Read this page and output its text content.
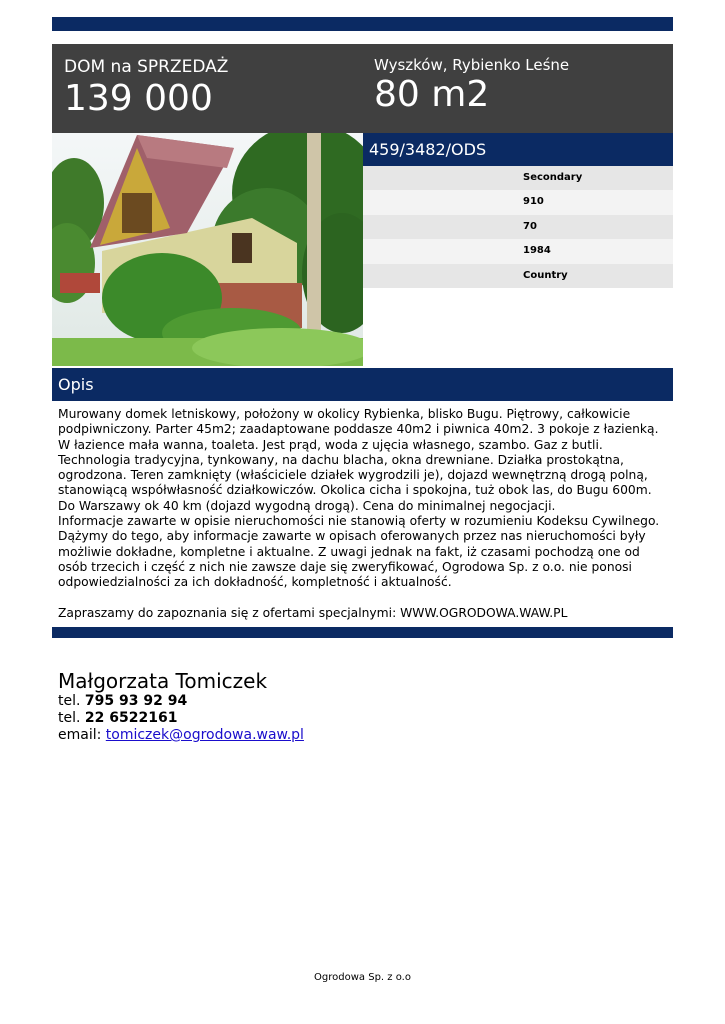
DOM na SPRZEDAŻ
139 000
Wyszków, Rybienko Leśne
80 m2
459/3482/ODS
Secondary
910
70
1984
Country
Opis

Murowany domek letniskowy, położony w okolicy Rybienka, blisko Bugu. Piętrowy, całkowicie

podpiwniczony. Parter 45m2; zaadaptowane poddasze 40m2 i piwnica 40m2. 3 pokoje z łazienką.

W łazience mała wanna, toaleta. Jest prąd, woda z ujęcia własnego, szambo. Gaz z butli.

Technologia tradycyjna, tynkowany, na dachu blacha, okna drewniane. Działka prostokątna,

ogrodzona. Teren zamknięty (właściciele działek wygrodzili je), dojazd wewnętrzną drogą polną,

stanowiącą współwłasność działkowiczów. Okolica cicha i spokojna, tuż obok las, do Bugu 600m.

Do Warszawy ok 40 km (dojazd wygodną drogą). Cena do minimalnej negocjacji.

Informacje zawarte w opisie nieruchomości nie stanowią oferty w rozumieniu Kodeksu Cywilnego.

Dążymy do tego, aby informacje zawarte w opisach oferowanych przez nas nieruchomości były

możliwie dokładne, kompletne i aktualne. Z uwagi jednak na fakt, iż czasami pochodzą one od

osób trzecich i część z nich nie zawsze daje się zweryfikować, Ogrodowa Sp. z o.o. nie ponosi

odpowiedzialności za ich dokładność, kompletność i aktualność.

Zapraszamy do zapoznania się z ofertami specjalnymi: WWW.OGRODOWA.WAW.PL

Małgorzata Tomiczek
tel. 795 93 92 94
tel. 22 6522161
email: tomiczek@ogrodowa.waw.pl
Ogrodowa Sp. z o.o
